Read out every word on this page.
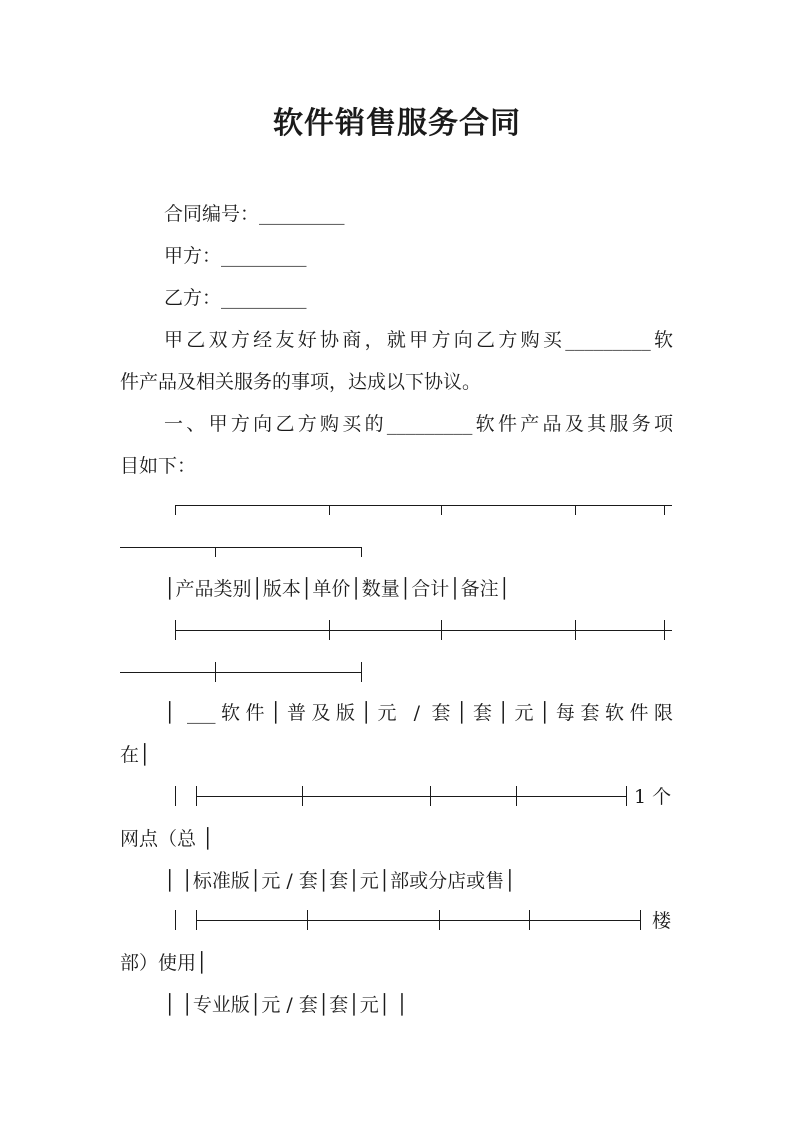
软件销售服务合同
合同编号：_________
甲方：_________
乙方：_________
甲乙双方经友好协商，就甲方向乙方购买_________软
件产品及相关服务的事项，达成以下协议。
一、甲方向乙方购买的_________软件产品及其服务项
目如下：
│产品类别│版本│单价│数量│合计│备注│
│ ___软件│普及版│元 / 套│套│元│每套软件限
在│
1 个
网点（总 │
│ │标准版│元 / 套│套│元│部或分店或售│
楼
部）使用│
│ │专业版│元 / 套│套│元│ │
